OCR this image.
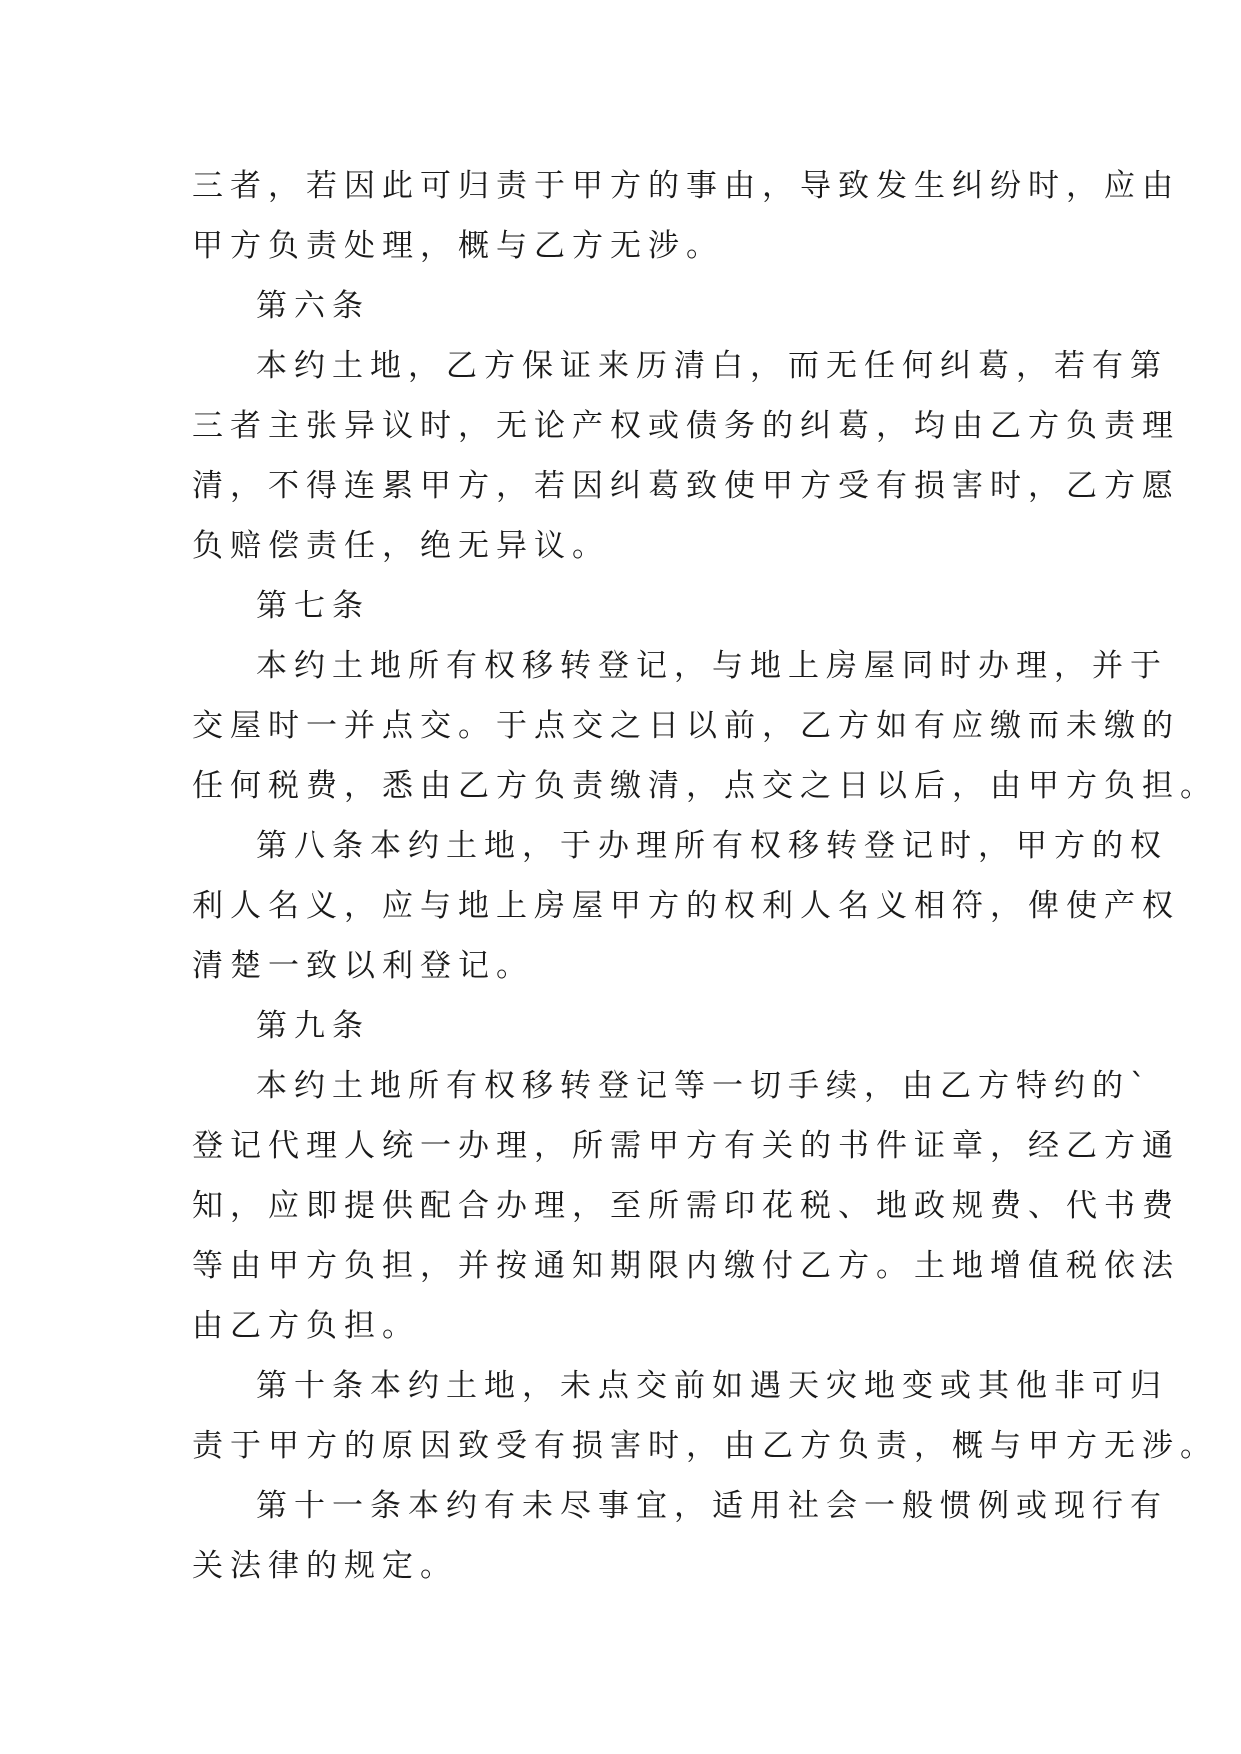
三者，若因此可归责于甲方的事由，导致发生纠纷时，应由
甲方负责处理，概与乙方无涉。
第六条
本约土地，乙方保证来历清白，而无任何纠葛，若有第
三者主张异议时，无论产权或债务的纠葛，均由乙方负责理
清，不得连累甲方，若因纠葛致使甲方受有损害时，乙方愿
负赔偿责任，绝无异议。
第七条
本约土地所有权移转登记，与地上房屋同时办理，并于
交屋时一并点交。于点交之日以前，乙方如有应缴而未缴的
任何税费，悉由乙方负责缴清，点交之日以后，由甲方负担。
第八条本约土地，于办理所有权移转登记时，甲方的权
利人名义，应与地上房屋甲方的权利人名义相符，俾使产权
清楚一致以利登记。
第九条
本约土地所有权移转登记等一切手续，由乙方特约的`
登记代理人统一办理，所需甲方有关的书件证章，经乙方通
知，应即提供配合办理，至所需印花税、地政规费、代书费
等由甲方负担，并按通知期限内缴付乙方。土地增值税依法
由乙方负担。
第十条本约土地，未点交前如遇天灾地变或其他非可归
责于甲方的原因致受有损害时，由乙方负责，概与甲方无涉。
第十一条本约有未尽事宜，适用社会一般惯例或现行有
关法律的规定。
